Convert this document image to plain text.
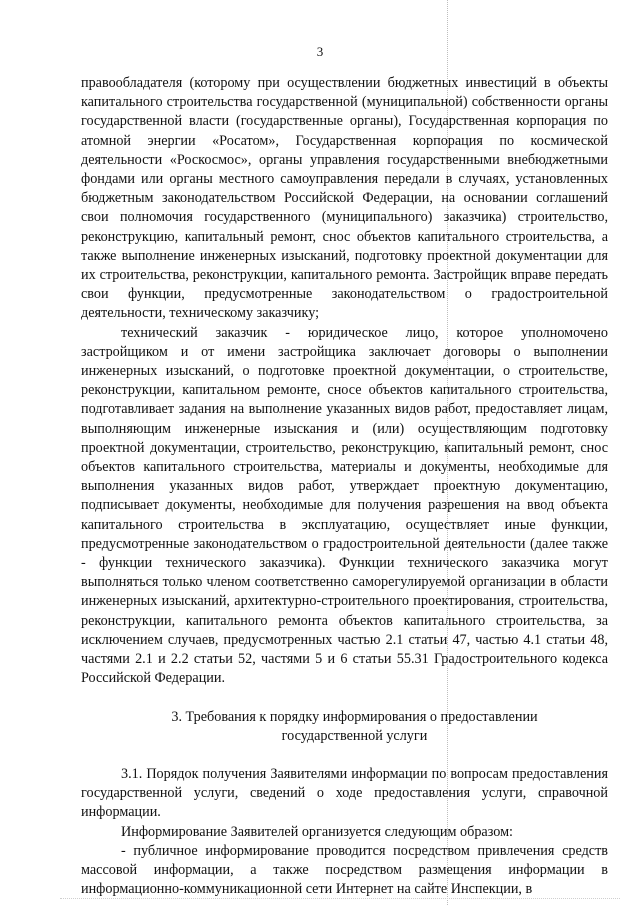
3

правообладателя (которому при осуществлении бюджетных инвестиций в объекты капитального строительства государственной (муниципальной) собственности органы государственной власти (государственные органы), Государственная корпорация по атомной энергии «Росатом», Государственная корпорация по космической деятельности «Роскосмос», органы управления государственными внебюджетными фондами или органы местного самоуправления передали в случаях, установленных бюджетным законодательством Российской Федерации, на основании соглашений свои полномочия государственного (муниципального) заказчика) строительство, реконструкцию, капитальный ремонт, снос объектов капитального строительства, а также выполнение инженерных изысканий, подготовку проектной документации для их строительства, реконструкции, капитального ремонта. Застройщик вправе передать свои функции, предусмотренные законодательством о градостроительной деятельности, техническому заказчику;

технический заказчик - юридическое лицо, которое уполномочено застройщиком и от имени застройщика заключает договоры о выполнении инженерных изысканий, о подготовке проектной документации, о строительстве, реконструкции, капитальном ремонте, сносе объектов капитального строительства, подготавливает задания на выполнение указанных видов работ, предоставляет лицам, выполняющим инженерные изыскания и (или) осуществляющим подготовку проектной документации, строительство, реконструкцию, капитальный ремонт, снос объектов капитального строительства, материалы и документы, необходимые для выполнения указанных видов работ, утверждает проектную документацию, подписывает документы, необходимые для получения разрешения на ввод объекта капитального строительства в эксплуатацию, осуществляет иные функции, предусмотренные законодательством о градостроительной деятельности (далее также - функции технического заказчика). Функции технического заказчика могут выполняться только членом соответственно саморегулируемой организации в области инженерных изысканий, архитектурно-строительного проектирования, строительства, реконструкции, капитального ремонта объектов капитального строительства, за исключением случаев, предусмотренных частью 2.1 статьи 47, частью 4.1 статьи 48, частями 2.1 и 2.2 статьи 52, частями 5 и 6 статьи 55.31 Градостроительного кодекса Российской Федерации.

3. Требования к порядку информирования о предоставлении

государственной услуги

3.1. Порядок получения Заявителями информации по вопросам предоставления государственной услуги, сведений о ходе предоставления услуги, справочной информации.

Информирование Заявителей организуется следующим образом:

- публичное информирование проводится посредством привлечения средств массовой информации, а также посредством размещения информации в информационно-коммуникационной сети Интернет на сайте Инспекции, в
